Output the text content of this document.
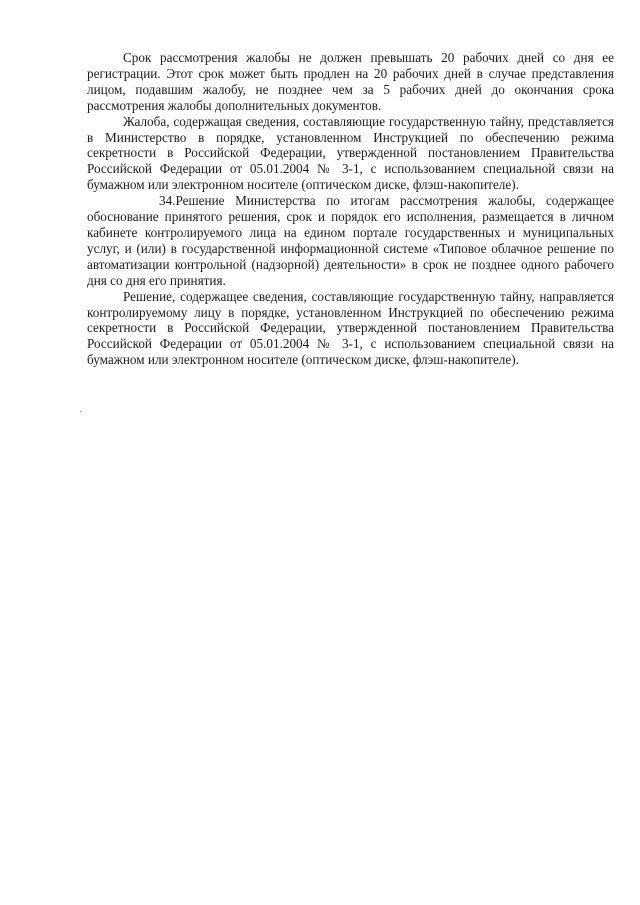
Срок рассмотрения жалобы не должен превышать 20 рабочих дней со дня ее регистрации. Этот срок может быть продлен на 20 рабочих дней в случае представления лицом, подавшим жалобу, не позднее чем за 5 рабочих дней до окончания срока рассмотрения жалобы дополнительных документов.

Жалоба, содержащая сведения, составляющие государственную тайну, представляется в Министерство в порядке, установленном Инструкцией по обеспечению режима секретности в Российской Федерации, утвержденной постановлением Правительства Российской Федерации от 05.01.2004 № 3-1, с использованием специальной связи на бумажном или электронном носителе (оптическом диске, флэш-накопителе).

34.Решение Министерства по итогам рассмотрения жалобы, содержащее обоснование принятого решения, срок и порядок его исполнения, размещается в личном кабинете контролируемого лица на едином портале государственных и муниципальных услуг, и (или) в государственной информационной системе «Типовое облачное решение по автоматизации контрольной (надзорной) деятельности» в срок не позднее одного рабочего дня со дня его принятия.

Решение, содержащее сведения, составляющие государственную тайну, направляется контролируемому лицу в порядке, установленном Инструкцией по обеспечению режима секретности в Российской Федерации, утвержденной постановлением Правительства Российской Федерации от 05.01.2004 № 3-1, с использованием специальной связи на бумажном или электронном носителе (оптическом диске, флэш-накопителе).
